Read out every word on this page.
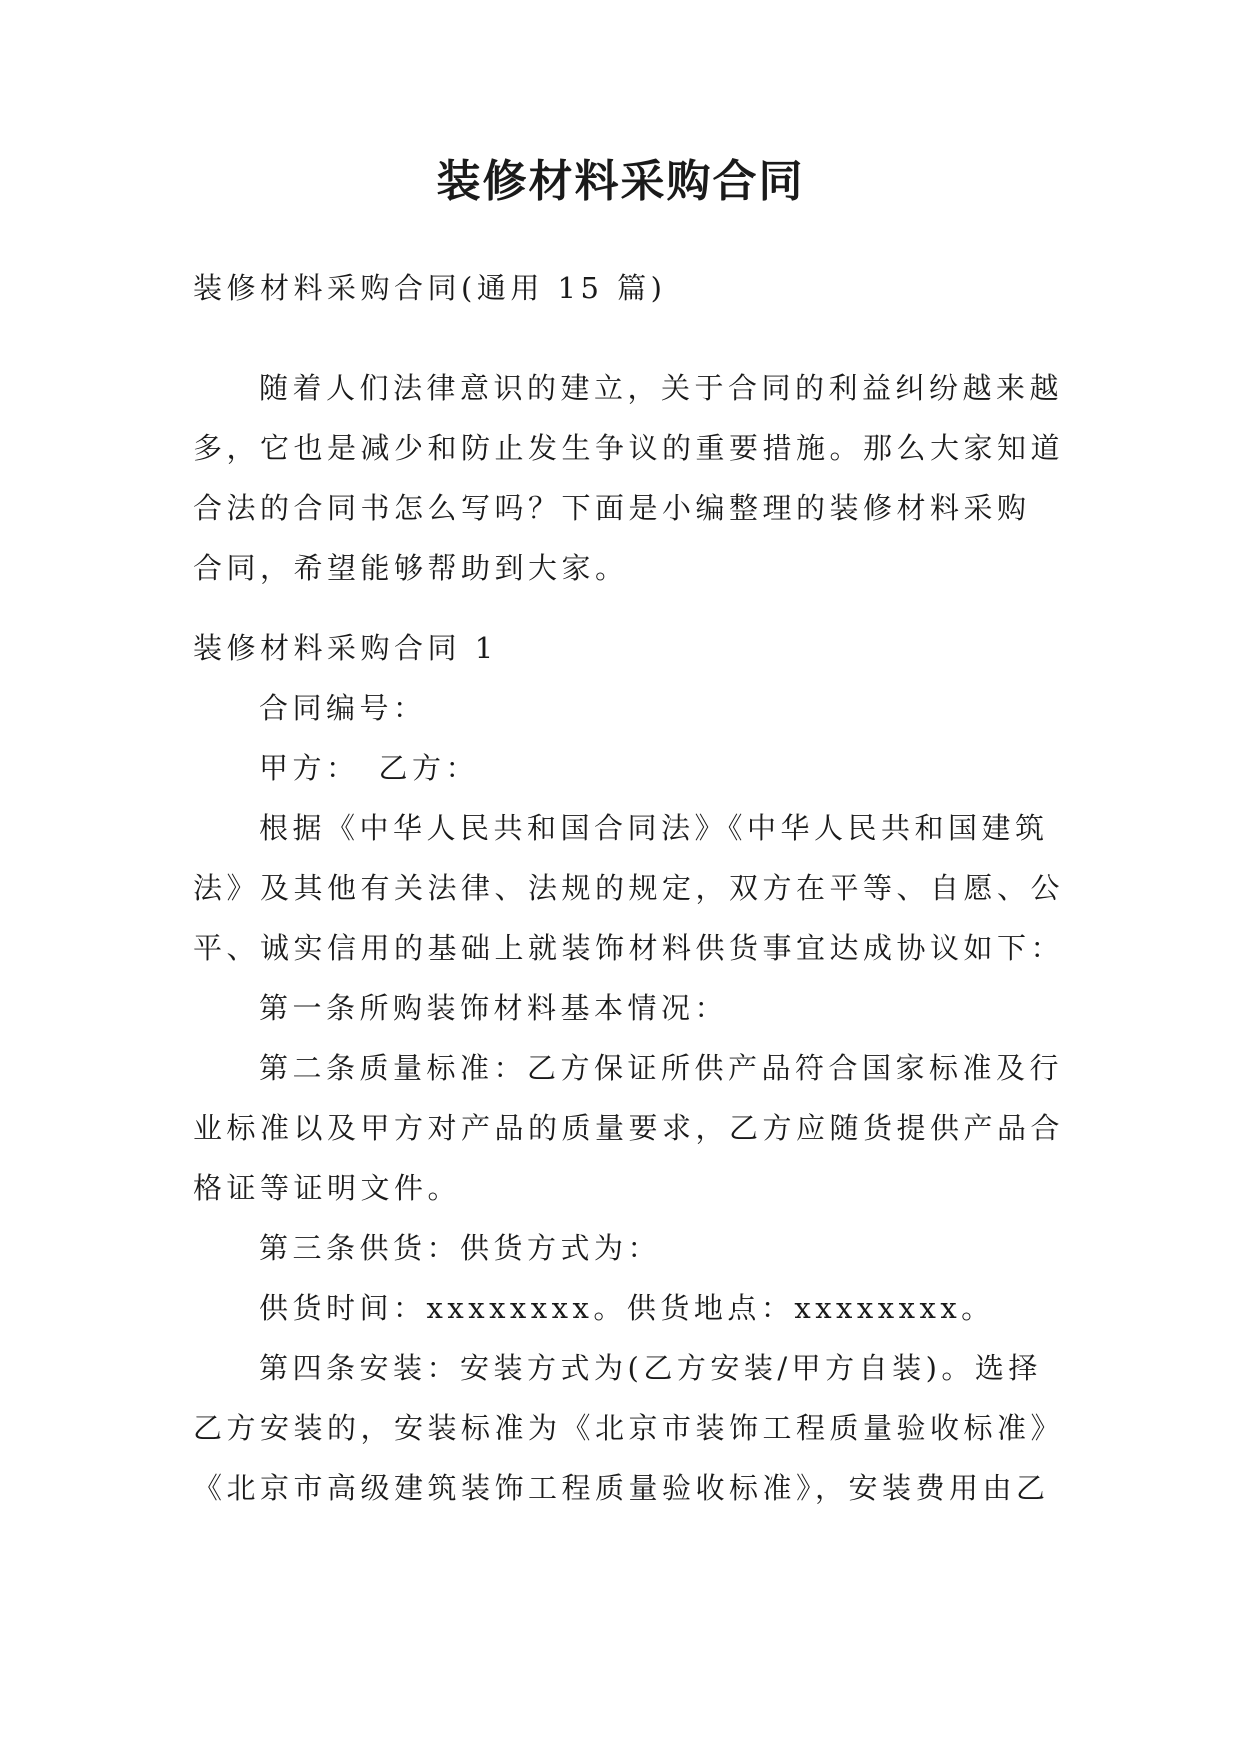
装修材料采购合同
装修材料采购合同(通用 15 篇)
随着人们法律意识的建立，关于合同的利益纠纷越来越
多，它也是减少和防止发生争议的重要措施。那么大家知道
合法的合同书怎么写吗？下面是小编整理的装修材料采购
合同，希望能够帮助到大家。
装修材料采购合同 1
合同编号：
甲方：　乙方：
根据《中华人民共和国合同法》《中华人民共和国建筑
法》及其他有关法律、法规的规定，双方在平等、自愿、公
平、诚实信用的基础上就装饰材料供货事宜达成协议如下：
第一条所购装饰材料基本情况：
第二条质量标准：乙方保证所供产品符合国家标准及行
业标准以及甲方对产品的质量要求，乙方应随货提供产品合
格证等证明文件。
第三条供货：供货方式为：
供货时间：xxxxxxxx。供货地点：xxxxxxxx。
第四条安装：安装方式为(乙方安装/甲方自装)。选择
乙方安装的，安装标准为《北京市装饰工程质量验收标准》
《北京市高级建筑装饰工程质量验收标准》，安装费用由乙
